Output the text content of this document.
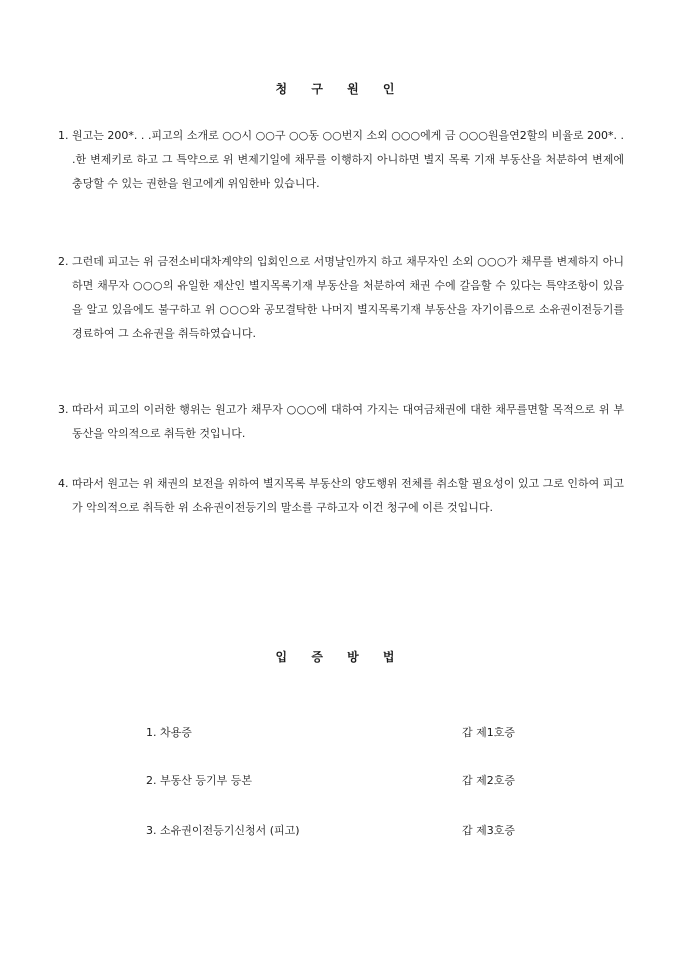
청 구 원 인
1. 원고는 200*. . .피고의 소개로 ○○시 ○○구 ○○동 ○○번지 소외 ○○○에게 금 ○○○원을연2할의 비율로 200*. . .한 변제키로 하고 그 특약으로 위 변제기일에 채무를 이행하지 아니하면 별지 목록 기재 부동산을 처분하여 변제에 충당할 수 있는 권한을 원고에게 위임한바 있습니다.
2. 그런데 피고는 위 금전소비대차계약의 입회인으로 서명날인까지 하고 채무자인 소외 ○○○가 채무를 변제하지 아니하면 채무자 ○○○의 유일한 재산인 별지목록기재 부동산을 처분하여 채권 수에 갈음할 수 있다는 특약조항이 있음을 알고 있음에도 불구하고 위 ○○○와 공모결탁한 나머지 별지목록기재 부동산을 자기이름으로 소유권이전등기를 경료하여 그 소유권을 취득하였습니다.
3. 따라서 피고의 이러한 행위는 원고가 채무자 ○○○에 대하여 가지는 대여금채권에 대한 채무를면할 목적으로 위 부동산을 악의적으로 취득한 것입니다.
4. 따라서 원고는 위 채권의 보전을 위하여 별지목록 부동산의 양도행위 전체를 취소할 필요성이 있고 그로 인하여 피고가 악의적으로 취득한 위 소유권이전등기의 말소를 구하고자 이건 청구에 이른 것입니다.
입 증 방 법
1. 차용증	갑 제1호증
2. 부동산 등기부 등본	갑 제2호증
3. 소유권이전등기신청서 (피고)	갑 제3호증
